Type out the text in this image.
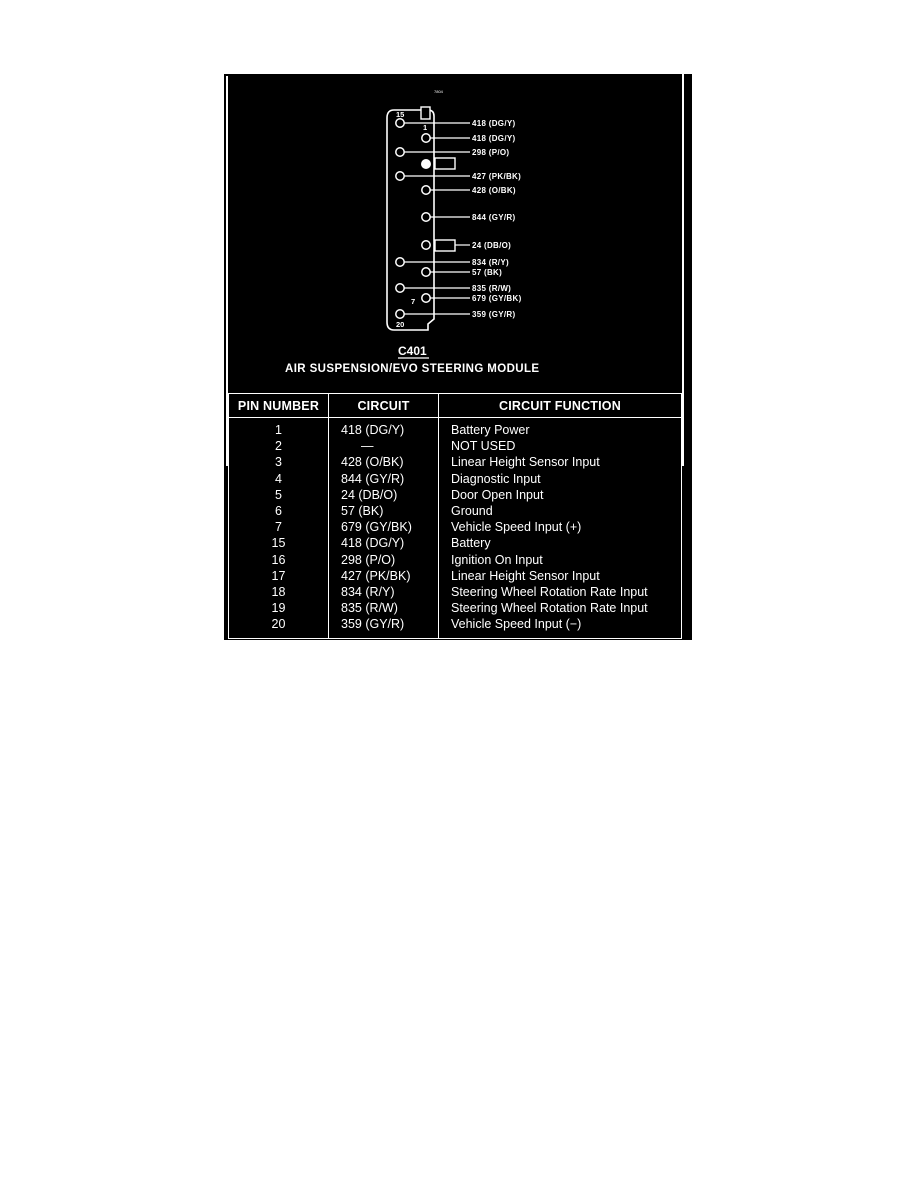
7804
15
1
7
20
418 (DG/Y)
418 (DG/Y)
298 (P/O)
427 (PK/BK)
428 (O/BK)
844 (GY/R)
24 (DB/O)
834 (R/Y)
57 (BK)
835 (R/W)
679 (GY/BK)
359 (GY/R)
C401
AIR SUSPENSION/EVO STEERING MODULE
PIN NUMBER	CIRCUIT	CIRCUIT FUNCTION
1	418 (DG/Y)	Battery Power
2	—	NOT USED
3	428 (O/BK)	Linear Height Sensor Input
4	844 (GY/R)	Diagnostic Input
5	24 (DB/O)	Door Open Input
6	57 (BK)	Ground
7	679 (GY/BK)	Vehicle Speed Input (+)
15	418 (DG/Y)	Battery
16	298 (P/O)	Ignition On Input
17	427 (PK/BK)	Linear Height Sensor Input
18	834 (R/Y)	Steering Wheel Rotation Rate Input
19	835 (R/W)	Steering Wheel Rotation Rate Input
20	359 (GY/R)	Vehicle Speed Input (−)
